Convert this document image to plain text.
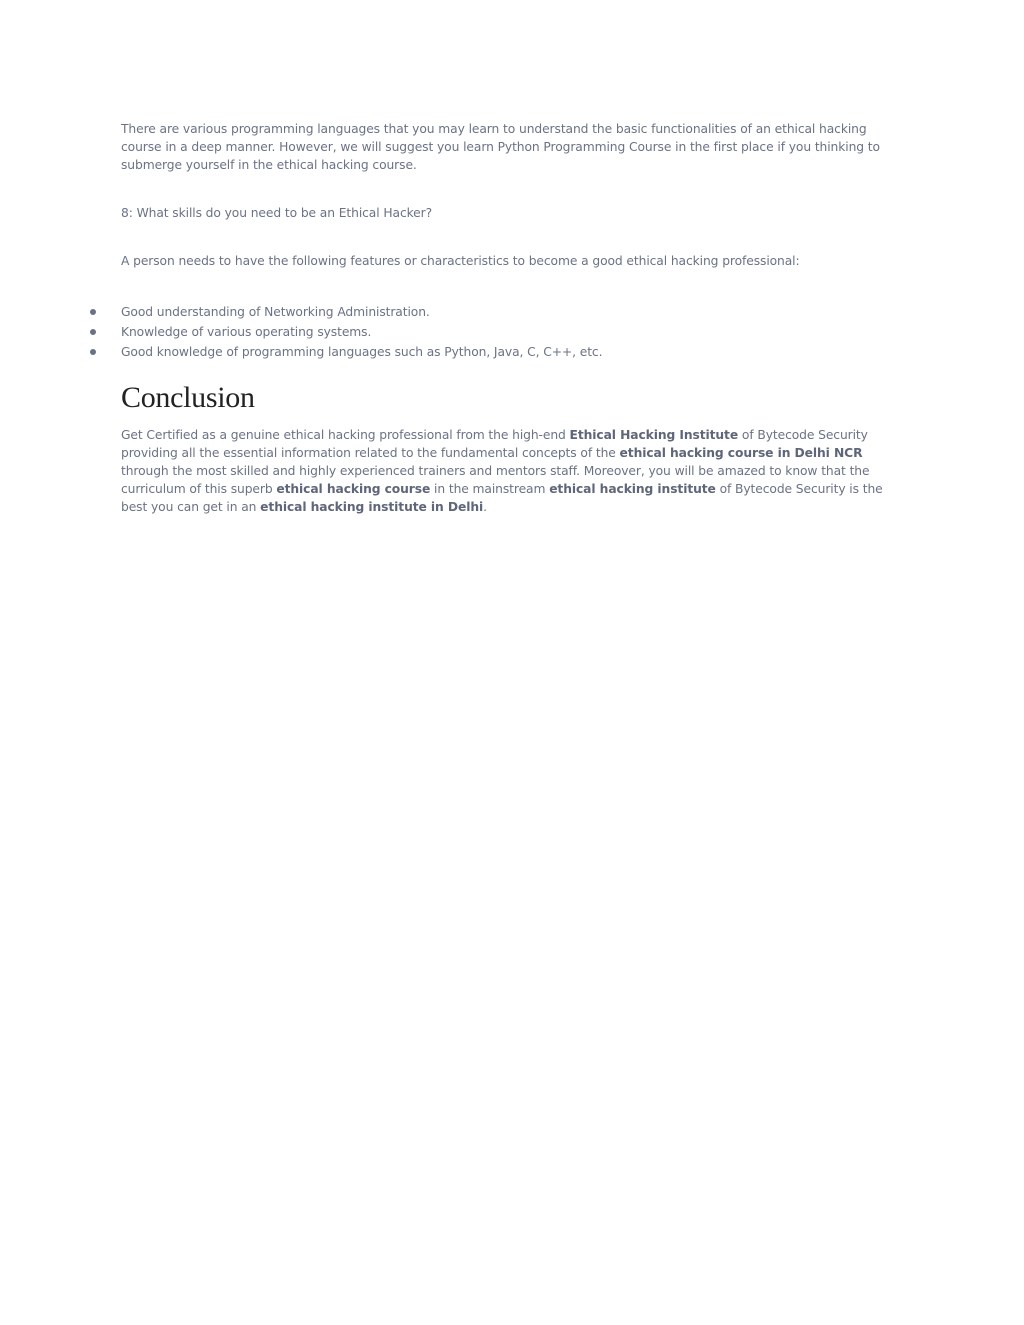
There are various programming languages that you may learn to understand the basic functionalities of an ethical hacking course in a deep manner. However, we will suggest you learn Python Programming Course in the first place if you thinking to submerge yourself in the ethical hacking course.

8: What skills do you need to be an Ethical Hacker?

A person needs to have the following features or characteristics to become a good ethical hacking professional:

Good understanding of Networking Administration.
Knowledge of various operating systems.
Good knowledge of programming languages such as Python, Java, C, C++, etc.
Conclusion

Get Certified as a genuine ethical hacking professional from the high-end Ethical Hacking Institute of Bytecode Security providing all the essential information related to the fundamental concepts of the ethical hacking course in Delhi NCR through the most skilled and highly experienced trainers and mentors staff. Moreover, you will be amazed to know that the curriculum of this superb ethical hacking course in the mainstream ethical hacking institute of Bytecode Security is the best you can get in an ethical hacking institute in Delhi.
